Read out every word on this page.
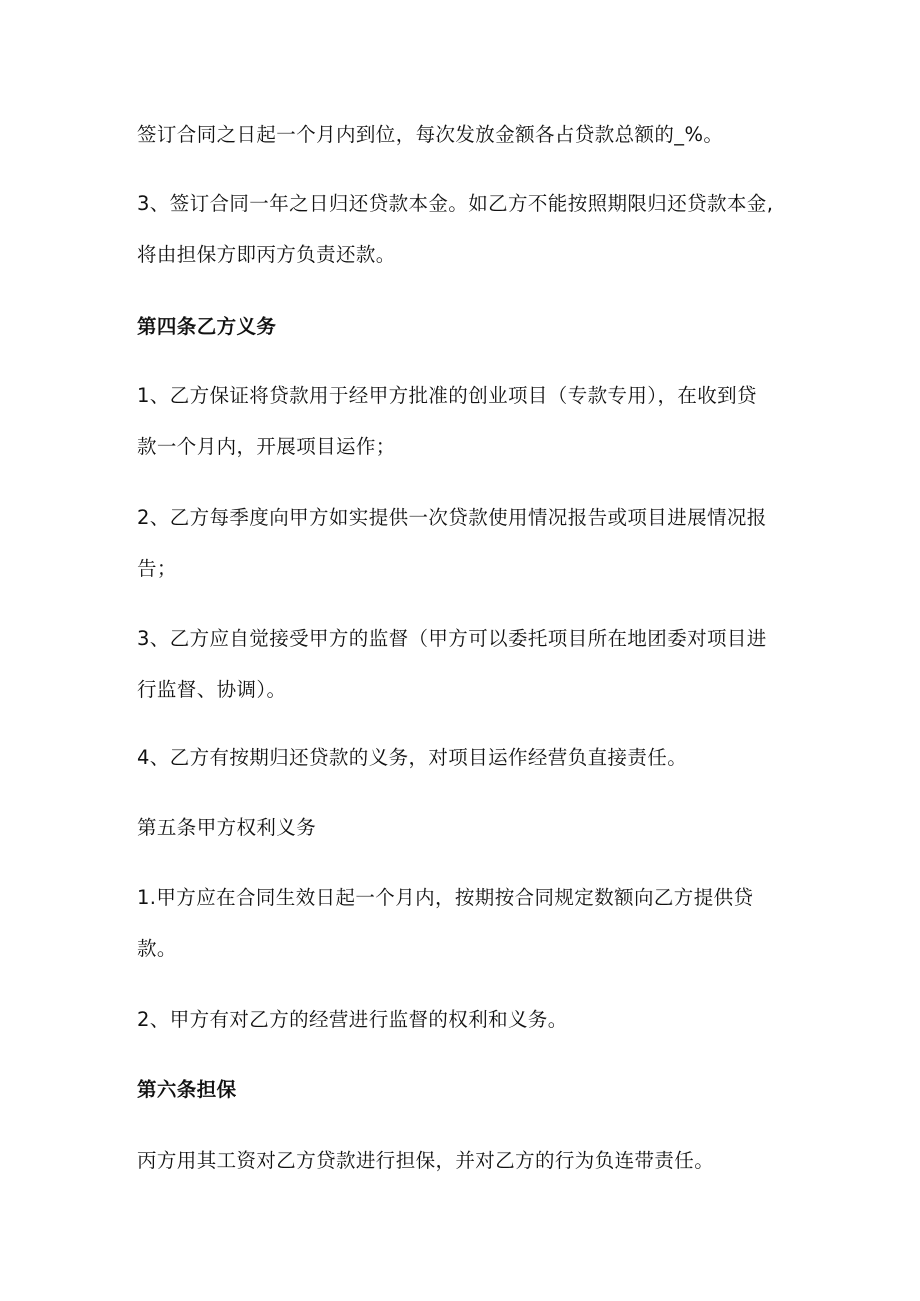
签订合同之日起一个月内到位，每次发放金额各占贷款总额的_%。
3、签订合同一年之日归还贷款本金。如乙方不能按照期限归还贷款本金,
将由担保方即丙方负责还款。
第四条乙方义务
1、乙方保证将贷款用于经甲方批准的创业项目（专款专用），在收到贷
款一个月内，开展项目运作；
2、乙方每季度向甲方如实提供一次贷款使用情况报告或项目进展情况报
告；
3、乙方应自觉接受甲方的监督（甲方可以委托项目所在地团委对项目进
行监督、协调）。
4、乙方有按期归还贷款的义务，对项目运作经营负直接责任。
第五条甲方权利义务
1.甲方应在合同生效日起一个月内，按期按合同规定数额向乙方提供贷
款。
2、甲方有对乙方的经营进行监督的权利和义务。
第六条担保
丙方用其工资对乙方贷款进行担保，并对乙方的行为负连带责任。
